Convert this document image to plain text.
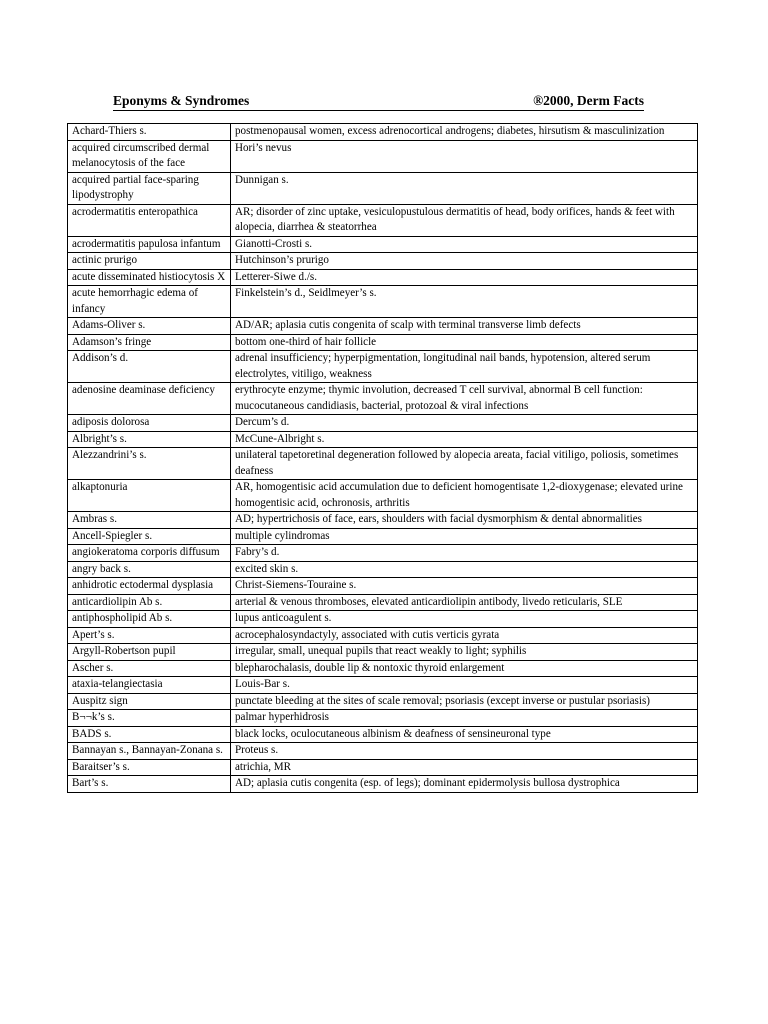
Eponyms & Syndromes	®2000, Derm Facts
Achard-Thiers s.	postmenopausal women, excess adrenocortical androgens; diabetes, hirsutism & masculinization
acquired circumscribed dermal melanocytosis of the face	Hori’s nevus
acquired partial face-sparing lipodystrophy	Dunnigan s.
acrodermatitis enteropathica	AR; disorder of zinc uptake, vesiculopustulous dermatitis of head, body orifices, hands & feet with alopecia, diarrhea & steatorrhea
acrodermatitis papulosa infantum	Gianotti-Crosti s.
actinic prurigo	Hutchinson’s prurigo
acute disseminated histiocytosis X	Letterer-Siwe d./s.
acute hemorrhagic edema of infancy	Finkelstein’s d., Seidlmeyer’s s.
Adams-Oliver s.	AD/AR; aplasia cutis congenita of scalp with terminal transverse limb defects
Adamson’s fringe	bottom one-third of hair follicle
Addison’s d.	adrenal insufficiency; hyperpigmentation, longitudinal nail bands, hypotension, altered serum electrolytes, vitiligo, weakness
adenosine deaminase deficiency	erythrocyte enzyme; thymic involution, decreased T cell survival, abnormal B cell function: mucocutaneous candidiasis, bacterial, protozoal & viral infections
adiposis dolorosa	Dercum’s d.
Albright’s s.	McCune-Albright s.
Alezzandrini’s s.	unilateral tapetoretinal degeneration followed by alopecia areata, facial vitiligo, poliosis, sometimes deafness
alkaptonuria	AR, homogentisic acid accumulation due to deficient homogentisate 1,2-dioxygenase; elevated urine homogentisic acid, ochronosis, arthritis
Ambras s.	AD; hypertrichosis of face, ears, shoulders with facial dysmorphism & dental abnormalities
Ancell-Spiegler s.	multiple cylindromas
angiokeratoma corporis diffusum	Fabry’s d.
angry back s.	excited skin s.
anhidrotic ectodermal dysplasia	Christ-Siemens-Touraine s.
anticardiolipin Ab s.	arterial & venous thromboses, elevated anticardiolipin antibody, livedo reticularis, SLE
antiphospholipid Ab s.	lupus anticoagulent s.
Apert’s s.	acrocephalosyndactyly, associated with cutis verticis gyrata
Argyll-Robertson pupil	irregular, small, unequal pupils that react weakly to light; syphilis
Ascher s.	blepharochalasis, double lip & nontoxic thyroid enlargement
ataxia-telangiectasia	Louis-Bar s.
Auspitz sign	punctate bleeding at the sites of scale removal; psoriasis (except inverse or pustular psoriasis)
B¬¬k’s s.	palmar hyperhidrosis
BADS s.	black locks, oculocutaneous albinism & deafness of sensineuronal type
Bannayan s., Bannayan-Zonana s.	Proteus s.
Baraitser’s s.	atrichia, MR
Bart’s s.	AD; aplasia cutis congenita (esp. of legs); dominant epidermolysis bullosa dystrophica
